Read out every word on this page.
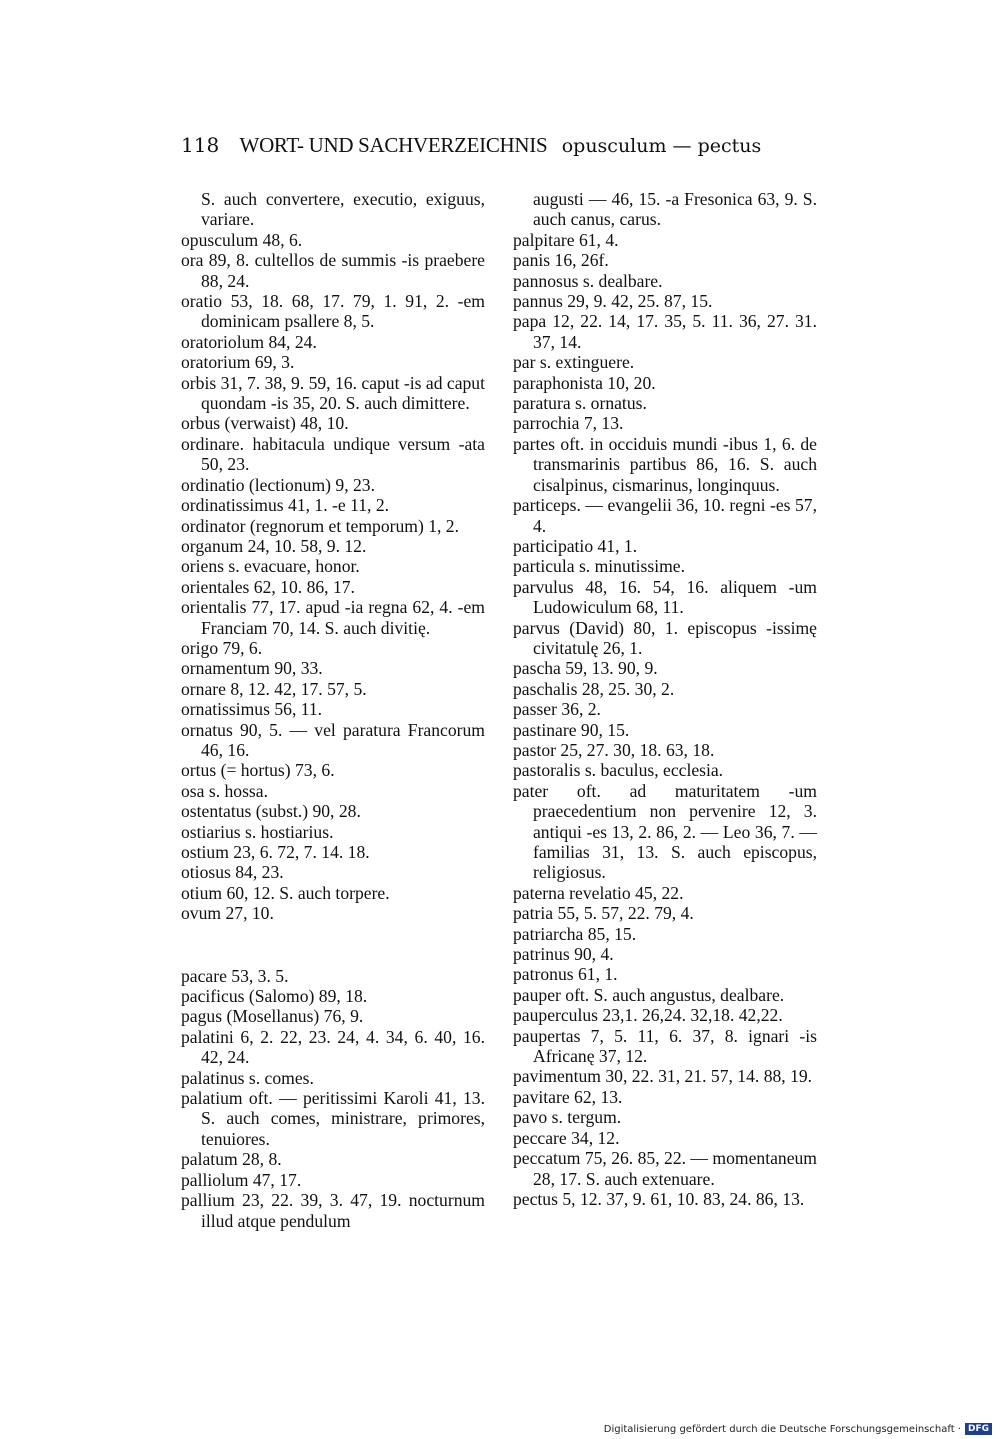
118 WORT- UND SACHVERZEICHNIS opusculum — pectus

S. auch convertere, executio, exiguus, variare.

opusculum 48, 6.

ora 89, 8. cultellos de summis -is praebere 88, 24.

oratio 53, 18. 68, 17. 79, 1. 91, 2. -em dominicam psallere 8, 5.

oratoriolum 84, 24.

oratorium 69, 3.

orbis 31, 7. 38, 9. 59, 16. caput -is ad caput quondam -is 35, 20. S. auch dimittere.

orbus (verwaist) 48, 10.

ordinare. habitacula undique versum -ata 50, 23.

ordinatio (lectionum) 9, 23.

ordinatissimus 41, 1. -e 11, 2.

ordinator (regnorum et temporum) 1, 2.

organum 24, 10. 58, 9. 12.

oriens s. evacuare, honor.

orientales 62, 10. 86, 17.

orientalis 77, 17. apud -ia regna 62, 4. -em Franciam 70, 14. S. auch divitię.

origo 79, 6.

ornamentum 90, 33.

ornare 8, 12. 42, 17. 57, 5.

ornatissimus 56, 11.

ornatus 90, 5. — vel paratura Francorum 46, 16.

ortus (= hortus) 73, 6.

osa s. hossa.

ostentatus (subst.) 90, 28.

ostiarius s. hostiarius.

ostium 23, 6. 72, 7. 14. 18.

otiosus 84, 23.

otium 60, 12. S. auch torpere.

ovum 27, 10.

pacare 53, 3. 5.

pacificus (Salomo) 89, 18.

pagus (Mosellanus) 76, 9.

palatini 6, 2. 22, 23. 24, 4. 34, 6. 40, 16. 42, 24.

palatinus s. comes.

palatium oft. — peritissimi Karoli 41, 13. S. auch comes, ministrare, primores, tenuiores.

palatum 28, 8.

palliolum 47, 17.

pallium 23, 22. 39, 3. 47, 19. nocturnum illud atque pendulum

augusti — 46, 15. -a Fresonica 63, 9. S. auch canus, carus.

palpitare 61, 4.

panis 16, 26f.

pannosus s. dealbare.

pannus 29, 9. 42, 25. 87, 15.

papa 12, 22. 14, 17. 35, 5. 11. 36, 27. 31. 37, 14.

par s. extinguere.

paraphonista 10, 20.

paratura s. ornatus.

parrochia 7, 13.

partes oft. in occiduis mundi -ibus 1, 6. de transmarinis partibus 86, 16. S. auch cisalpinus, cismarinus, longinquus.

particeps. — evangelii 36, 10. regni -es 57, 4.

participatio 41, 1.

particula s. minutissime.

parvulus 48, 16. 54, 16. aliquem -um Ludowiculum 68, 11.

parvus (David) 80, 1. episcopus -issimę civitatulę 26, 1.

pascha 59, 13. 90, 9.

paschalis 28, 25. 30, 2.

passer 36, 2.

pastinare 90, 15.

pastor 25, 27. 30, 18. 63, 18.

pastoralis s. baculus, ecclesia.

pater oft. ad maturitatem -um praecedentium non pervenire 12, 3. antiqui -es 13, 2. 86, 2. — Leo 36, 7. — familias 31, 13. S. auch episcopus, religiosus.

paterna revelatio 45, 22.

patria 55, 5. 57, 22. 79, 4.

patriarcha 85, 15.

patrinus 90, 4.

patronus 61, 1.

pauper oft. S. auch angustus, dealbare.

pauperculus 23,1. 26,24. 32,18. 42,22.

paupertas 7, 5. 11, 6. 37, 8. ignari -is Africanę 37, 12.

pavimentum 30, 22. 31, 21. 57, 14. 88, 19.

pavitare 62, 13.

pavo s. tergum.

peccare 34, 12.

peccatum 75, 26. 85, 22. — momentaneum 28, 17. S. auch extenuare.

pectus 5, 12. 37, 9. 61, 10. 83, 24. 86, 13.

Digitalisierung gefördert durch die Deutsche Forschungsgemeinschaft · DFG
